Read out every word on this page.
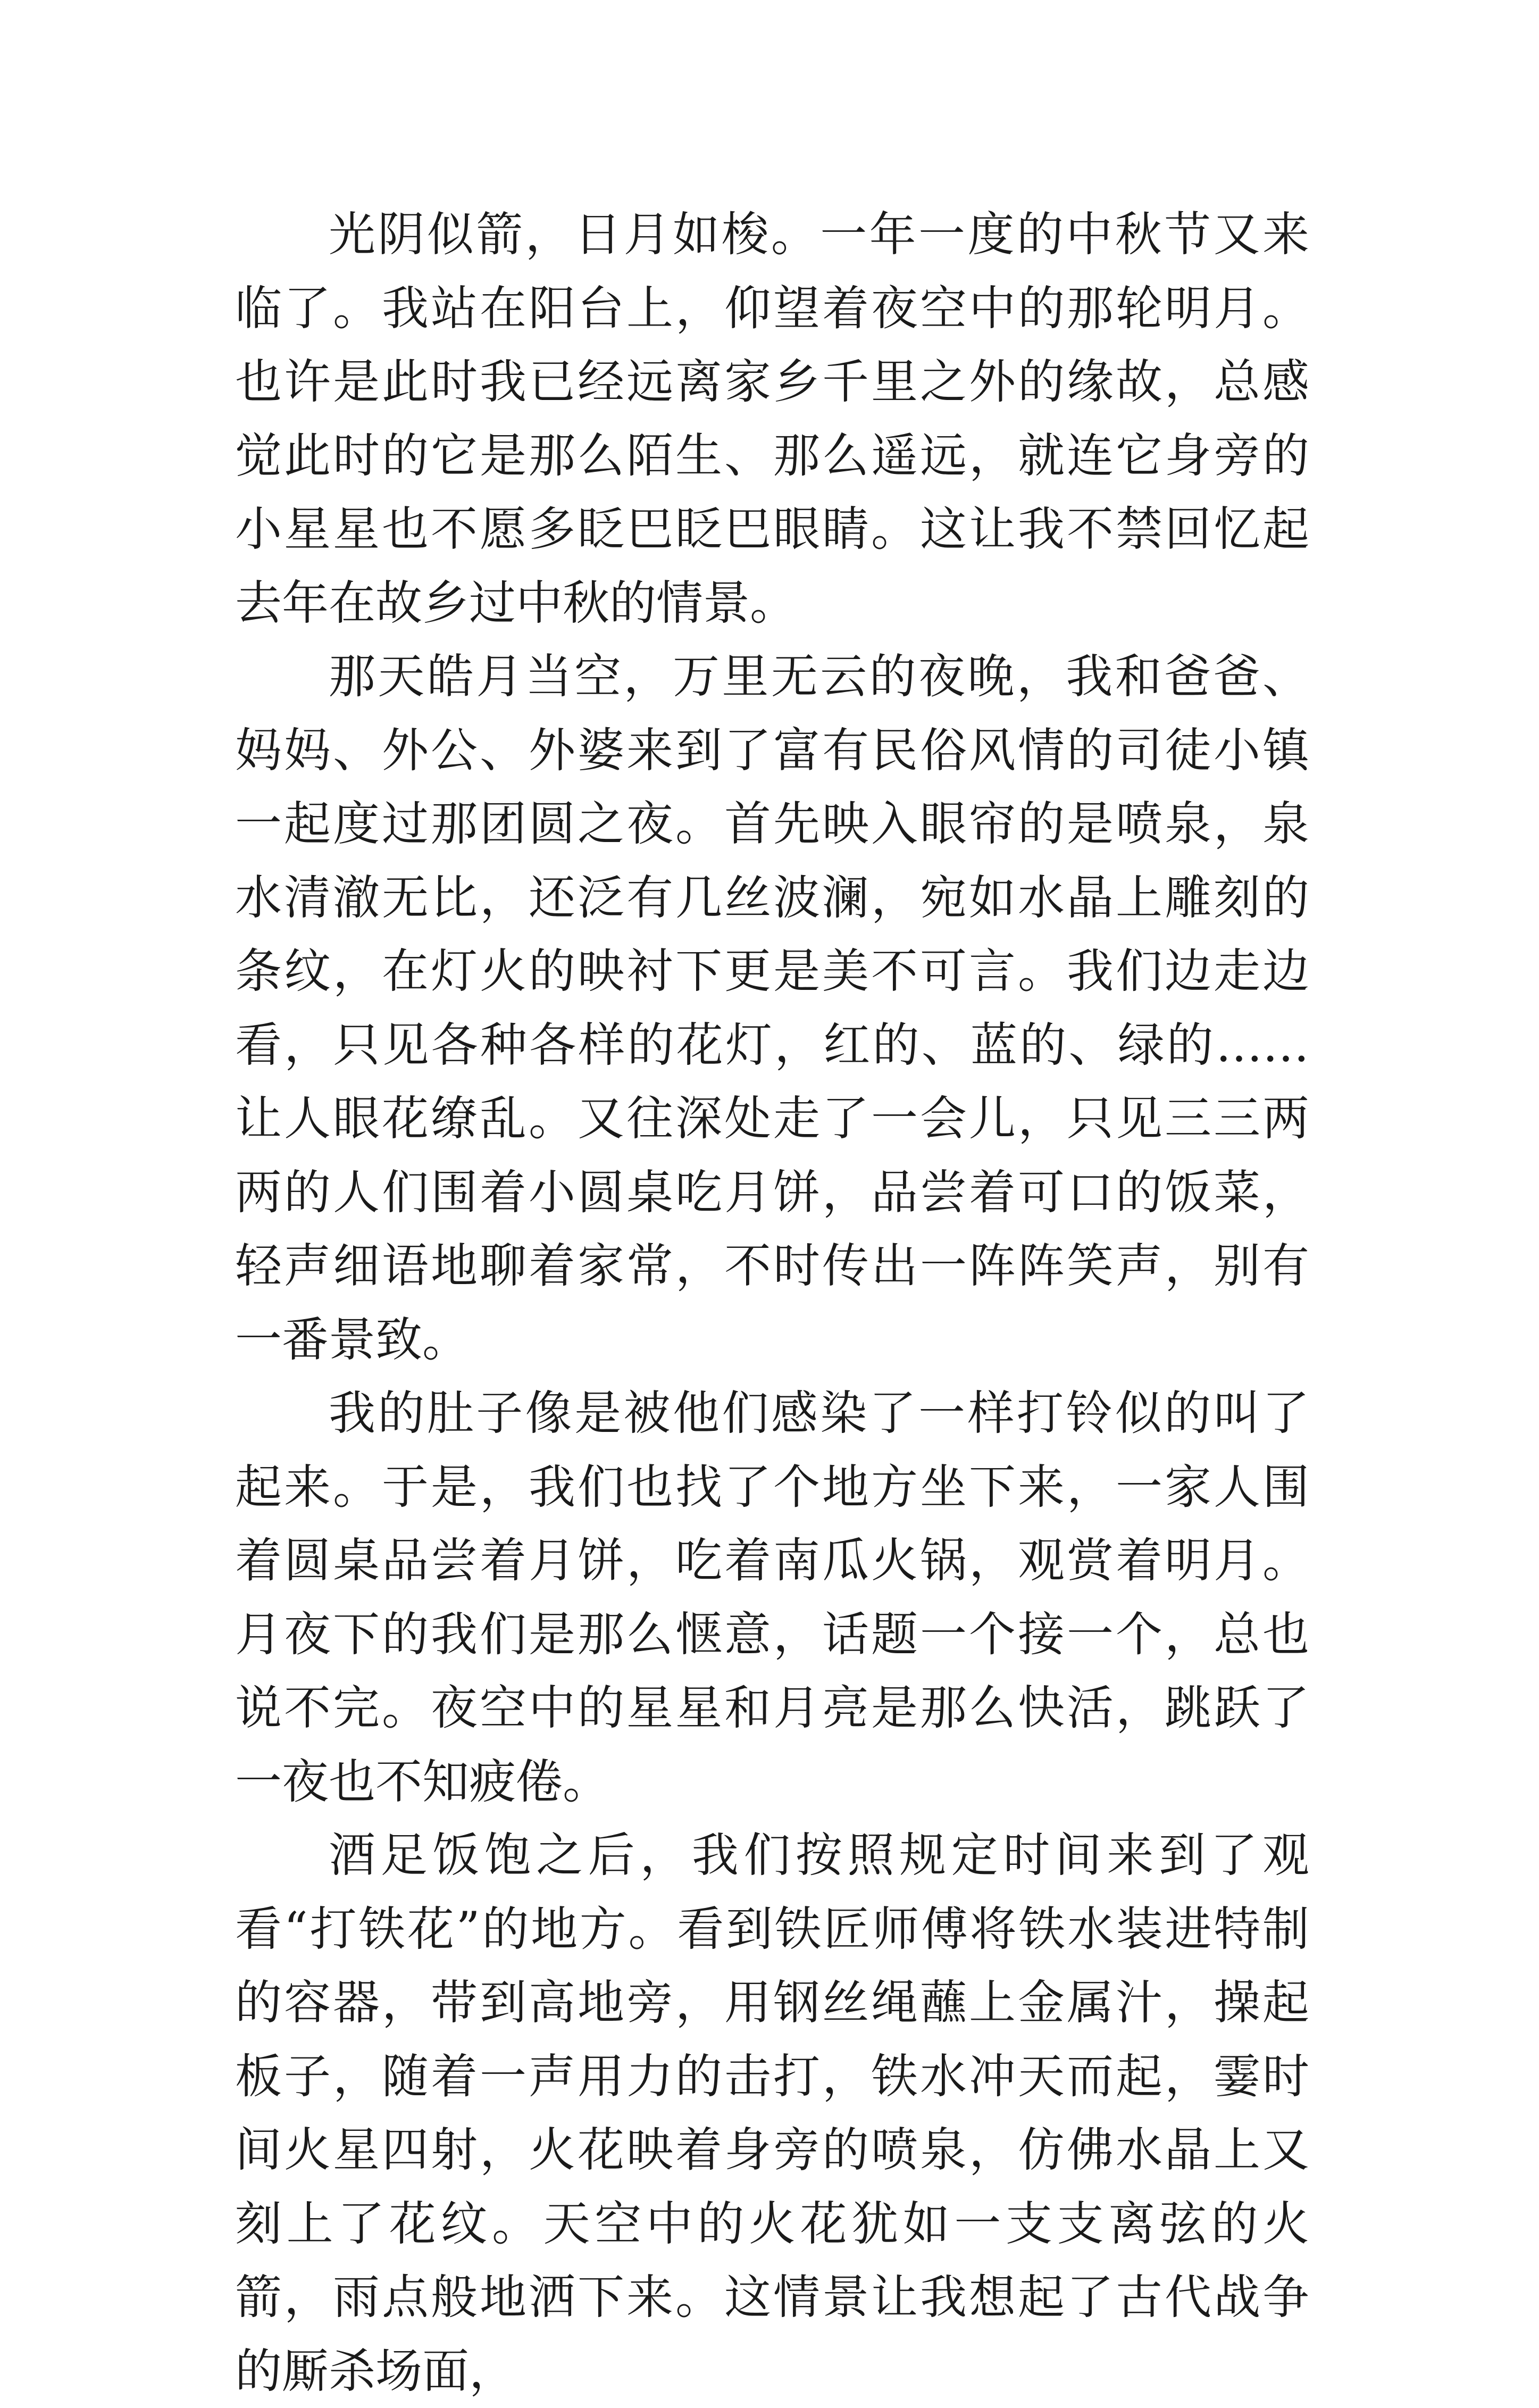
光阴似箭，日月如梭。一年一度的中秋节又来临了。我站在阳台上，仰望着夜空中的那轮明月。也许是此时我已经远离家乡千里之外的缘故，总感觉此时的它是那么陌生、那么遥远，就连它身旁的小星星也不愿多眨巴眨巴眼睛。这让我不禁回忆起去年在故乡过中秋的情景。

那天皓月当空，万里无云的夜晚，我和爸爸、妈妈、外公、外婆来到了富有民俗风情的司徒小镇一起度过那团圆之夜。首先映入眼帘的是喷泉，泉水清澈无比，还泛有几丝波澜，宛如水晶上雕刻的条纹，在灯火的映衬下更是美不可言。我们边走边看，只见各种各样的花灯，红的、蓝的、绿的……让人眼花缭乱。又往深处走了一会儿，只见三三两两的人们围着小圆桌吃月饼，品尝着可口的饭菜，轻声细语地聊着家常，不时传出一阵阵笑声，别有一番景致。

我的肚子像是被他们感染了一样打铃似的叫了起来。于是，我们也找了个地方坐下来，一家人围着圆桌品尝着月饼，吃着南瓜火锅，观赏着明月。月夜下的我们是那么惬意，话题一个接一个，总也说不完。夜空中的星星和月亮是那么快活，跳跃了一夜也不知疲倦。

酒足饭饱之后，我们按照规定时间来到了观看“打铁花”的地方。看到铁匠师傅将铁水装进特制的容器，带到高地旁，用钢丝绳蘸上金属汁，操起板子，随着一声用力的击打，铁水冲天而起，霎时间火星四射，火花映着身旁的喷泉，仿佛水晶上又刻上了花纹。天空中的火花犹如一支支离弦的火箭，雨点般地洒下来。这情景让我想起了古代战争的厮杀场面，
